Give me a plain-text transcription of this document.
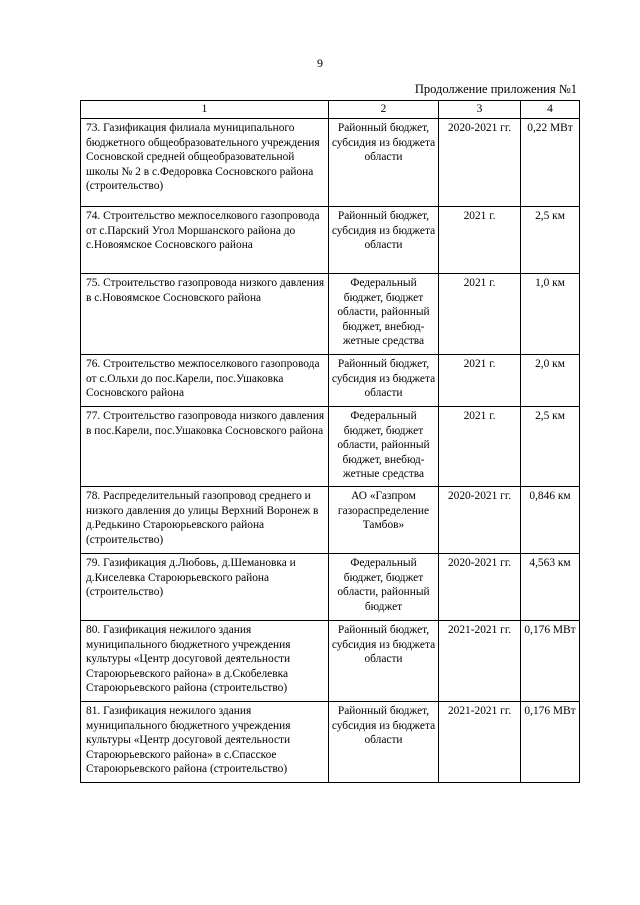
9
Продолжение приложения №1
1	2	3	4
73. Газификация филиала муниципального бюджетного общеобразовательного учреждения Сосновской средней общеобразовательной школы № 2 в с.Федоровка Сосновского района (строительство)	Районный бюджет, субсидия из бюджета области	2020-2021 гг.	0,22 МВт
74. Строительство межпоселкового газопровода от с.Парский Угол Моршанского района до с.Новоямское Сосновского района	Районный бюджет, субсидия из бюджета области	2021 г.	2,5 км
75. Строительство газопровода низкого давления в с.Новоямское Сосновского района	Федеральный бюджет, бюджет области, районный бюджет, внебюд-жетные средства	2021 г.	1,0 км
76. Строительство межпоселкового газопровода от с.Ольхи до пос.Карели, пос.Ушаковка Сосновского района	Районный бюджет, субсидия из бюджета области	2021 г.	2,0 км
77. Строительство газопровода низкого давления в пос.Карели, пос.Ушаковка Сосновского района	Федеральный бюджет, бюджет области, районный бюджет, внебюд-жетные средства	2021 г.	2,5 км
78. Распределительный газопровод среднего и низкого давления до улицы Верхний Воронеж в д.Редькино Староюрьевского района (строительство)	АО «Газпром газораспределение Тамбов»	2020-2021 гг.	0,846 км
79. Газификация д.Любовь, д.Шемановка и д.Киселевка Староюрьевского района (строительство)	Федеральный бюджет, бюджет области, районный бюджет	2020-2021 гг.	4,563 км
80. Газификация нежилого здания муниципального бюджетного учреждения культуры «Центр досуговой деятельности Староюрьевского района» в д.Скобелевка Староюрьевского района (строительство)	Районный бюджет, субсидия из бюджета области	2021-2021 гг.	0,176 МВт
81. Газификация нежилого здания муниципального бюджетного учреждения культуры «Центр досуговой деятельности Староюрьевского района» в с.Спасское Староюрьевского района (строительство)	Районный бюджет, субсидия из бюджета области	2021-2021 гг.	0,176 МВт
